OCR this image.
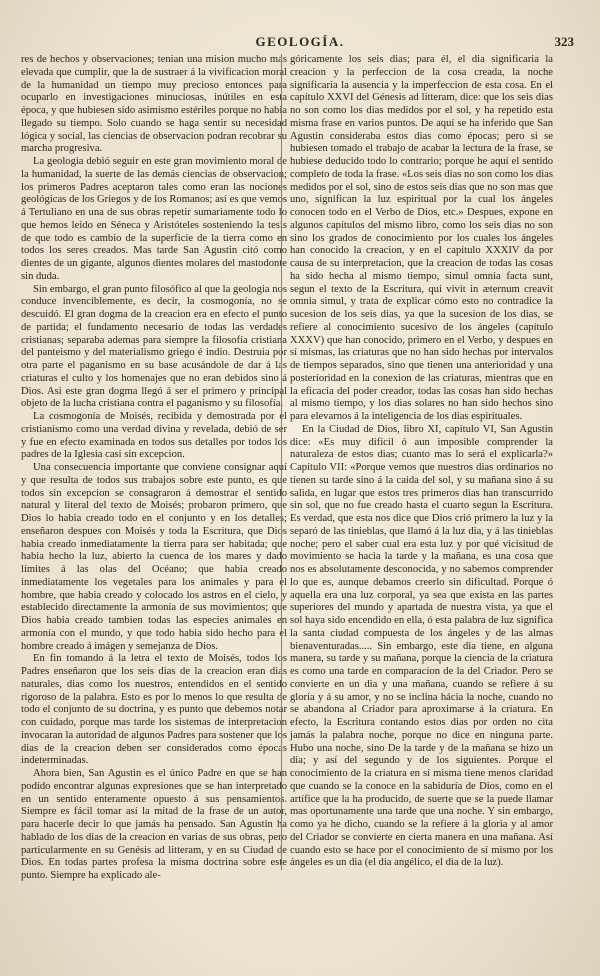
GEOLOGÍA.	323

res de hechos y observaciones; tenian una mision mucho mas elevada que cumplir, que la de sustraer á la vivificacion moral de la humanidad un tiempo muy precioso entonces para ocuparlo en investigaciones minuciosas, inútiles en esta época, y que hubiesen sido asimismo estériles porque no habia llegado su tiempo. Solo cuando se haga sentir su necesidad lógica y social, las ciencias de observacion podran recobrar su marcha progresiva.

La geologia debió seguir en este gran movimiento moral de la humanidad, la suerte de las demás ciencias de observacion; los primeros Padres aceptaron tales como eran las nociones geológicas de los Griegos y de los Romanos; así es que vemos á Tertuliano en una de sus obras repetir sumariamente todo lo que hemos leido en Séneca y Aristóteles sosteniendo la tesis de que todo es cambio de la superficie de la tierra como en todos los seres creados. Mas tarde San Agustin citó como dientes de un gigante, algunos dientes molares del mastodonte sin duda.

Sin embargo, el gran punto filosófico al que la geologia nos conduce invenciblemente, es decir, la cosmogonía, no se descuidó. El gran dogma de la creacion era en efecto el punto de partida; el fundamento necesario de todas las verdades cristianas; separaba ademas para siempre la filosofía cristiana del panteismo y del materialismo griego é indio. Destruia por otra parte el paganismo en su base acusándole de dar á las criaturas el culto y los homenajes que no eran debidos sino á Dios. Asi este gran dogma llegó á ser el primero y principal objeto de la lucha cristiana contra el paganismo y su filosofía.

La cosmogonía de Moisés, recibida y demostrada por el cristianismo como una verdad divina y revelada, debió de ser y fue en efecto examinada en todos sus detalles por todos los padres de la Iglesia casi sin excepcion.

Una consecuencia importante que conviene consignar aquí y que resulta de todos sus trabajos sobre este punto, es que todos sin excepcion se consagraron á demostrar el sentido natural y literal del texto de Moisés; probaron primero, que Dios lo habia creado todo en el conjunto y en los detalles; enseñaron despues con Moisés y toda la Escritura, que Dios habia creado inmediatamente la tierra para ser habitada; que habia hecho la luz, abierto la cuenca de los mares y dado límites á las olas del Océano; que habia creado inmediatamente los vegetales para los animales y para el hombre, que habia creado y colocado los astros en el cielo, y establecido directamente la armonía de sus movimientos; que Dios habia creado tambien todas las especies animales en armonía con el mundo, y que todo habia sido hecho para el hombre creado á imágen y semejanza de Dios.

En fin tomando á la letra el texto de Moisés, todos los Padres enseñaron que los seis dias de la creacion eran dias naturales, dias como los nuestros, entendidos en el sentido rigoroso de la palabra. Esto es por lo menos lo que resulta de todo el conjunto de su doctrina, y es punto que debemos notar con cuidado, porque mas tarde los sistemas de interpretacion invocaran la autoridad de algunos Padres para sostener que los dias de la creacion deben ser considerados como épocas indeterminadas.

Ahora bien, San Agustin es el único Padre en que se han podido encontrar algunas expresiones que se han interpretado en un sentido enteramente opuesto á sus pensamientos. Siempre es fácil tomar así la mitad de la frase de un autor, para hacerle decir lo que jamás ha pensado. San Agustin ha hablado de los dias de la creacion en varias de sus obras, pero particularmente en su Genésis ad litteram, y en su Ciudad de Dios. En todas partes profesa la misma doctrina sobre este punto. Siempre ha explicado ale-

góricamente los seis dias; para él, el dia significaria la creacion y la perfeccion de la cosa creada, la noche significaria la ausencia y la imperfeccion de esta cosa. En el capítulo XXVI del Génesis ad litteram, dice: que los seis dias no son como los dias medidos por el sol, y ha repetido esta misma frase en varios puntos. De aquí se ha inferido que San Agustin consideraba estos dias como épocas; pero si se hubiesen tomado el trabajo de acabar la lectura de la frase, se hubiese deducido todo lo contrario; porque he aquí el sentido completo de toda la frase. «Los seis dias no son como los dias medidos por el sol, sino de estos seis dias que no son mas que uno, significan la luz espiritual por la cual los ángeles conocen todo en el Verbo de Dios, etc.» Despues, expone en algunos capítulos del mismo libro, como los seis dias no son sino los grados de conocimiento por los cuales los ángeles han conocido la creacion, y en el capítulo XXXIV da por causa de su interpretacion, que la creacion de todas las cosas ha sido hecha al mismo tiempo, simul omnia facta sunt, segun el texto de la Escritura, qui vivit in æternum creavit omnia simul, y trata de explicar cómo esto no contradice la sucesion de los seis dias, ya que la sucesion de los dias, se refiere al conocimiento sucesivo de los ángeles (capítulo XXXV) que han conocido, primero en el Verbo, y despues en sí mismas, las criaturas que no han sido hechas por intervalos de tiempos separados, sino que tienen una anterioridad y una posterioridad en la conexion de las criaturas, mientras que en la eficacia del poder creador, todas las cosas han sido hechas al mismo tiempo, y los dias solares no han sido hechos sino para elevarnos á la inteligencia de los dias espirituales.

En la Ciudad de Dios, libro XI, capítulo VI, San Agustin dice: «Es muy difícil ó aun imposible comprender la naturaleza de estos dias; cuanto mas lo será el explicarla?» Capítulo VII: «Porque vemos que nuestros dias ordinarios no tienen su tarde sino á la caida del sol, y su mañana sino á su salida, en lugar que estos tres primeros dias han transcurrido sin sol, que no fue creado hasta el cuarto segun la Escritura. Es verdad, que esta nos dice que Dios crió primero la luz y la separó de las tinieblas, que llamó á la luz dia, y á las tinieblas noche; pero el saber cual era esta luz y por qué vicisitud de movimiento se hacia la tarde y la mañana, es una cosa que nos es absolutamente desconocida, y no sabemos comprender lo que es, aunque debamos creerlo sin dificultad. Porque ó aquella era una luz corporal, ya sea que exista en las partes superiores del mundo y apartada de nuestra vista, ya que el sol haya sido encendido en ella, ó esta palabra de luz significa la santa ciudad compuesta de los ángeles y de las almas bienaventuradas..... Sin embargo, este dia tiene, en alguna manera, su tarde y su mañana, porque la ciencia de la criatura es como una tarde en comparacion de la del Criador. Pero se convierte en un dia y una mañana, cuando se refiere á su gloria y á su amor, y no se inclina hácia la noche, cuando no se abandona al Criador para aproximarse á la criatura. En efecto, la Escritura contando estos dias por orden no cita jamás la palabra noche, porque no dice en ninguna parte. Hubo una noche, sino De la tarde y de la mañana se hizo un dia; y así del segundo y de los siguientes. Porque el conocimiento de la criatura en sí misma tiene menos claridad que cuando se la conoce en la sabiduría de Dios, como en el artífice que la ha producido, de suerte que se la puede llamar mas oportunamente una tarde que una noche. Y sin embargo, como ya he dicho, cuando se la refiere á la gloria y al amor del Criador se convierte en cierta manera en una mañana. Así cuando esto se hace por el conocimiento de sí mismo por los ángeles es un dia (el dia angélico, el dia de la luz).
